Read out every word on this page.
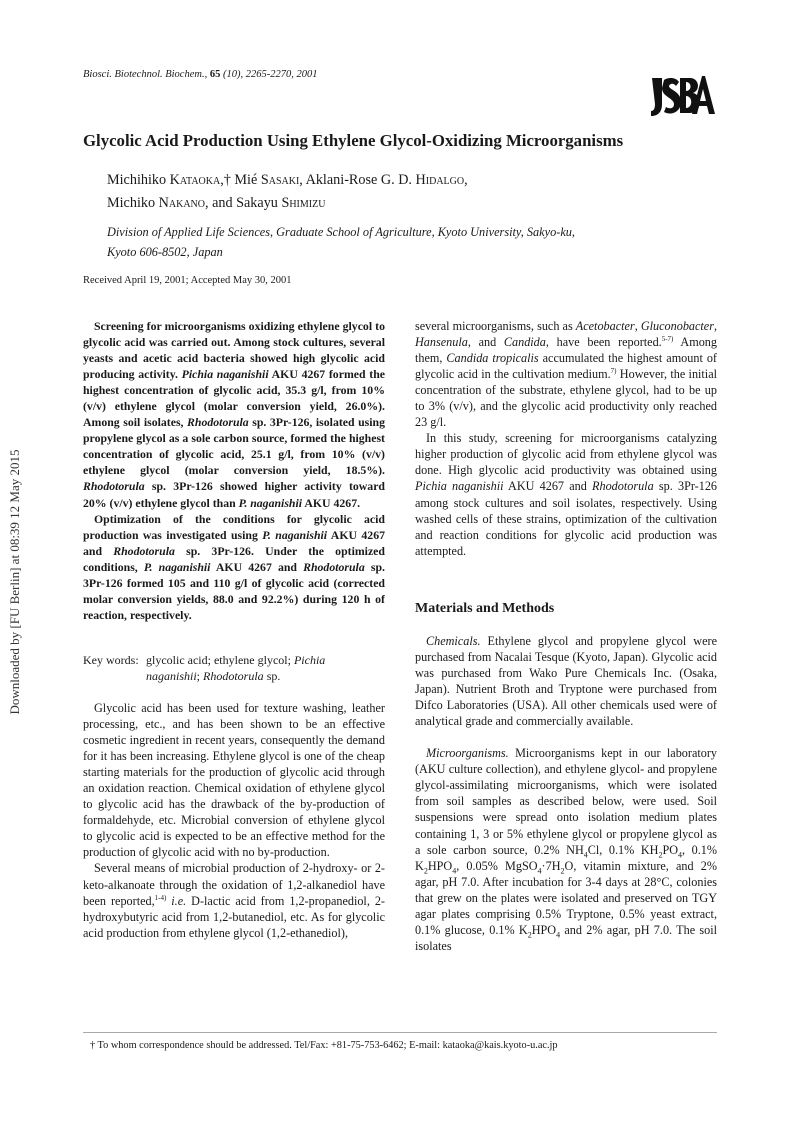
Downloaded by [FU Berlin] at 08:39 12 May 2015
Biosci. Biotechnol. Biochem., 65 (10), 2265-2270, 2001
Glycolic Acid Production Using Ethylene Glycol-Oxidizing Microorganisms
Michihiko Kataoka,† Mié Sasaki, Aklani-Rose G. D. Hidalgo,
Michiko Nakano, and Sakayu Shimizu
Division of Applied Life Sciences, Graduate School of Agriculture, Kyoto University, Sakyo-ku,
Kyoto 606-8502, Japan
Received April 19, 2001; Accepted May 30, 2001

Screening for microorganisms oxidizing ethylene glycol to glycolic acid was carried out. Among stock cultures, several yeasts and acetic acid bacteria showed high glycolic acid producing activity. Pichia naganishii AKU 4267 formed the highest concentration of glycolic acid, 35.3 g/l, from 10% (v/v) ethylene glycol (molar conversion yield, 26.0%). Among soil isolates, Rhodotorula sp. 3Pr-126, isolated using propylene glycol as a sole carbon source, formed the highest concentration of glycolic acid, 25.1 g/l, from 10% (v/v) ethylene glycol (molar conversion yield, 18.5%). Rhodotorula sp. 3Pr-126 showed higher activity toward 20% (v/v) ethylene glycol than P. naganishii AKU 4267.

Optimization of the conditions for glycolic acid production was investigated using P. naganishii AKU 4267 and Rhodotorula sp. 3Pr-126. Under the optimized conditions, P. naganishii AKU 4267 and Rhodotorula sp. 3Pr-126 formed 105 and 110 g/l of glycolic acid (corrected molar conversion yields, 88.0 and 92.2%) during 120 h of reaction, respectively.

Key words: glycolic acid; ethylene glycol; Pichia
naganishii; Rhodotorula sp.

Glycolic acid has been used for texture washing, leather processing, etc., and has been shown to be an effective cosmetic ingredient in recent years, consequently the demand for it has been increasing. Ethylene glycol is one of the cheap starting materials for the production of glycolic acid through an oxidation reaction. Chemical oxidation of ethylene glycol to glycolic acid has the drawback of the by-production of formaldehyde, etc. Microbial conversion of ethylene glycol to glycolic acid is expected to be an effective method for the production of glycolic acid with no by-production.

Several means of microbial production of 2-hydroxy- or 2-keto-alkanoate through the oxidation of 1,2-alkanediol have been reported,$^{1-4)}$ i.e. D-lactic acid from 1,2-propanediol, 2-hydroxybutyric acid from 1,2-butanediol, etc. As for glycolic acid production from ethylene glycol (1,2-ethanediol),

several microorganisms, such as Acetobacter, Gluconobacter, Hansenula, and Candida, have been reported.$^{5-7)}$ Among them, Candida tropicalis accumulated the highest amount of glycolic acid in the cultivation medium.$^{7)}$ However, the initial concentration of the substrate, ethylene glycol, had to be up to 3% (v/v), and the glycolic acid productivity only reached 23 g/l.

In this study, screening for microorganisms catalyzing higher production of glycolic acid from ethylene glycol was done. High glycolic acid productivity was obtained using Pichia naganishii AKU 4267 and Rhodotorula sp. 3Pr-126 among stock cultures and soil isolates, respectively. Using washed cells of these strains, optimization of the cultivation and reaction conditions for glycolic acid production was attempted.

Materials and Methods

Chemicals. Ethylene glycol and propylene glycol were purchased from Nacalai Tesque (Kyoto, Japan). Glycolic acid was purchased from Wako Pure Chemicals Inc. (Osaka, Japan). Nutrient Broth and Tryptone were purchased from Difco Laboratories (USA). All other chemicals used were of analytical grade and commercially available.

Microorganisms. Microorganisms kept in our laboratory (AKU culture collection), and ethylene glycol- and propylene glycol-assimilating microorganisms, which were isolated from soil samples as described below, were used. Soil suspensions were spread onto isolation medium plates containing 1, 3 or 5% ethylene glycol or propylene glycol as a sole carbon source, 0.2% $NH_4Cl$, 0.1% $KH_2PO_4$, 0.1% $K_2HPO_4$, 0.05% $MgSO_4\cdot 7H_2O$, vitamin mixture, and 2% agar, pH 7.0. After incubation for 3-4 days at 28°C, colonies that grew on the plates were isolated and preserved on TGY agar plates comprising 0.5% Tryptone, 0.5% yeast extract, 0.1% glucose, 0.1% $K_2HPO_4$ and 2% agar, pH 7.0. The soil isolates

† To whom correspondence should be addressed. Tel/Fax: +81-75-753-6462; E-mail: kataoka@kais.kyoto-u.ac.jp
